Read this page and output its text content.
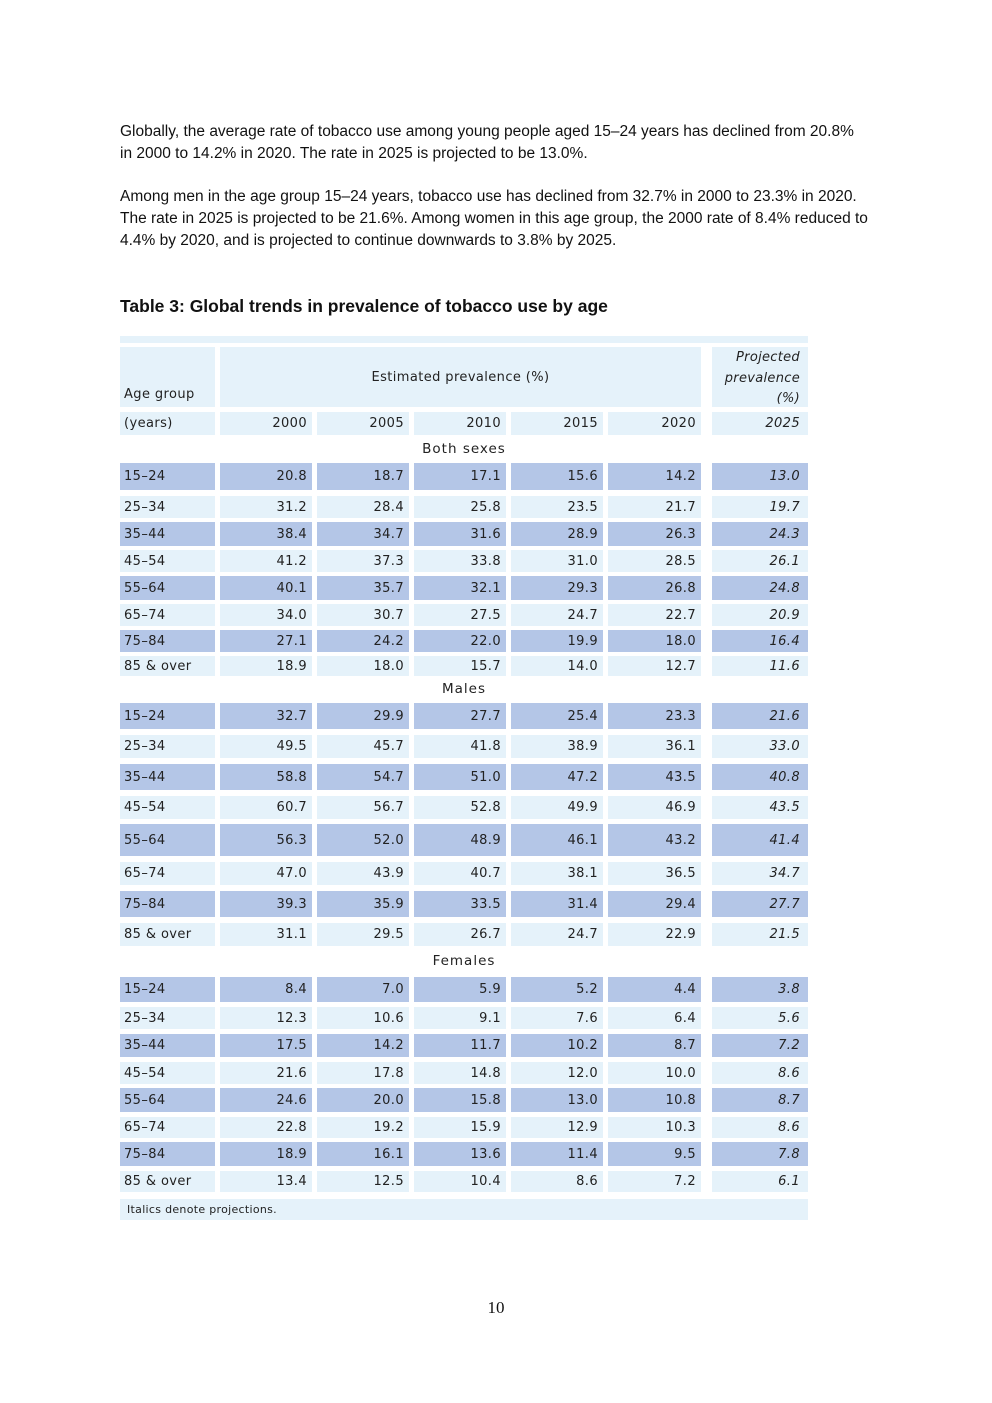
Globally, the average rate of tobacco use among young people aged 15–24 years has declined from 20.8% in 2000 to 14.2% in 2020. The rate in 2025 is projected to be 13.0%.

Among men in the age group 15–24 years, tobacco use has declined from 32.7% in 2000 to 23.3% in 2020. The rate in 2025 is projected to be 21.6%. Among women in this age group, the 2000 rate of 8.4% reduced to 4.4% by 2020, and is projected to continue downwards to 3.8% by 2025.

Table 3: Global trends in prevalence of tobacco use by age
Age group
Estimated prevalence (%)
Projected
prevalence
(%)
(years)	2000	2005	2010	2015	2020	2025
Both sexes
15–24	20.8	18.7	17.1	15.6	14.2	13.0
25–34	31.2	28.4	25.8	23.5	21.7	19.7
35–44	38.4	34.7	31.6	28.9	26.3	24.3
45–54	41.2	37.3	33.8	31.0	28.5	26.1
55–64	40.1	35.7	32.1	29.3	26.8	24.8
65–74	34.0	30.7	27.5	24.7	22.7	20.9
75–84	27.1	24.2	22.0	19.9	18.0	16.4
85 & over	18.9	18.0	15.7	14.0	12.7	11.6
Males
15–24	32.7	29.9	27.7	25.4	23.3	21.6
25–34	49.5	45.7	41.8	38.9	36.1	33.0
35–44	58.8	54.7	51.0	47.2	43.5	40.8
45–54	60.7	56.7	52.8	49.9	46.9	43.5
55–64	56.3	52.0	48.9	46.1	43.2	41.4
65–74	47.0	43.9	40.7	38.1	36.5	34.7
75–84	39.3	35.9	33.5	31.4	29.4	27.7
85 & over	31.1	29.5	26.7	24.7	22.9	21.5
Females
15–24	8.4	7.0	5.9	5.2	4.4	3.8
25–34	12.3	10.6	9.1	7.6	6.4	5.6
35–44	17.5	14.2	11.7	10.2	8.7	7.2
45–54	21.6	17.8	14.8	12.0	10.0	8.6
55–64	24.6	20.0	15.8	13.0	10.8	8.7
65–74	22.8	19.2	15.9	12.9	10.3	8.6
75–84	18.9	16.1	13.6	11.4	9.5	7.8
85 & over	13.4	12.5	10.4	8.6	7.2	6.1
Italics denote projections.
10
